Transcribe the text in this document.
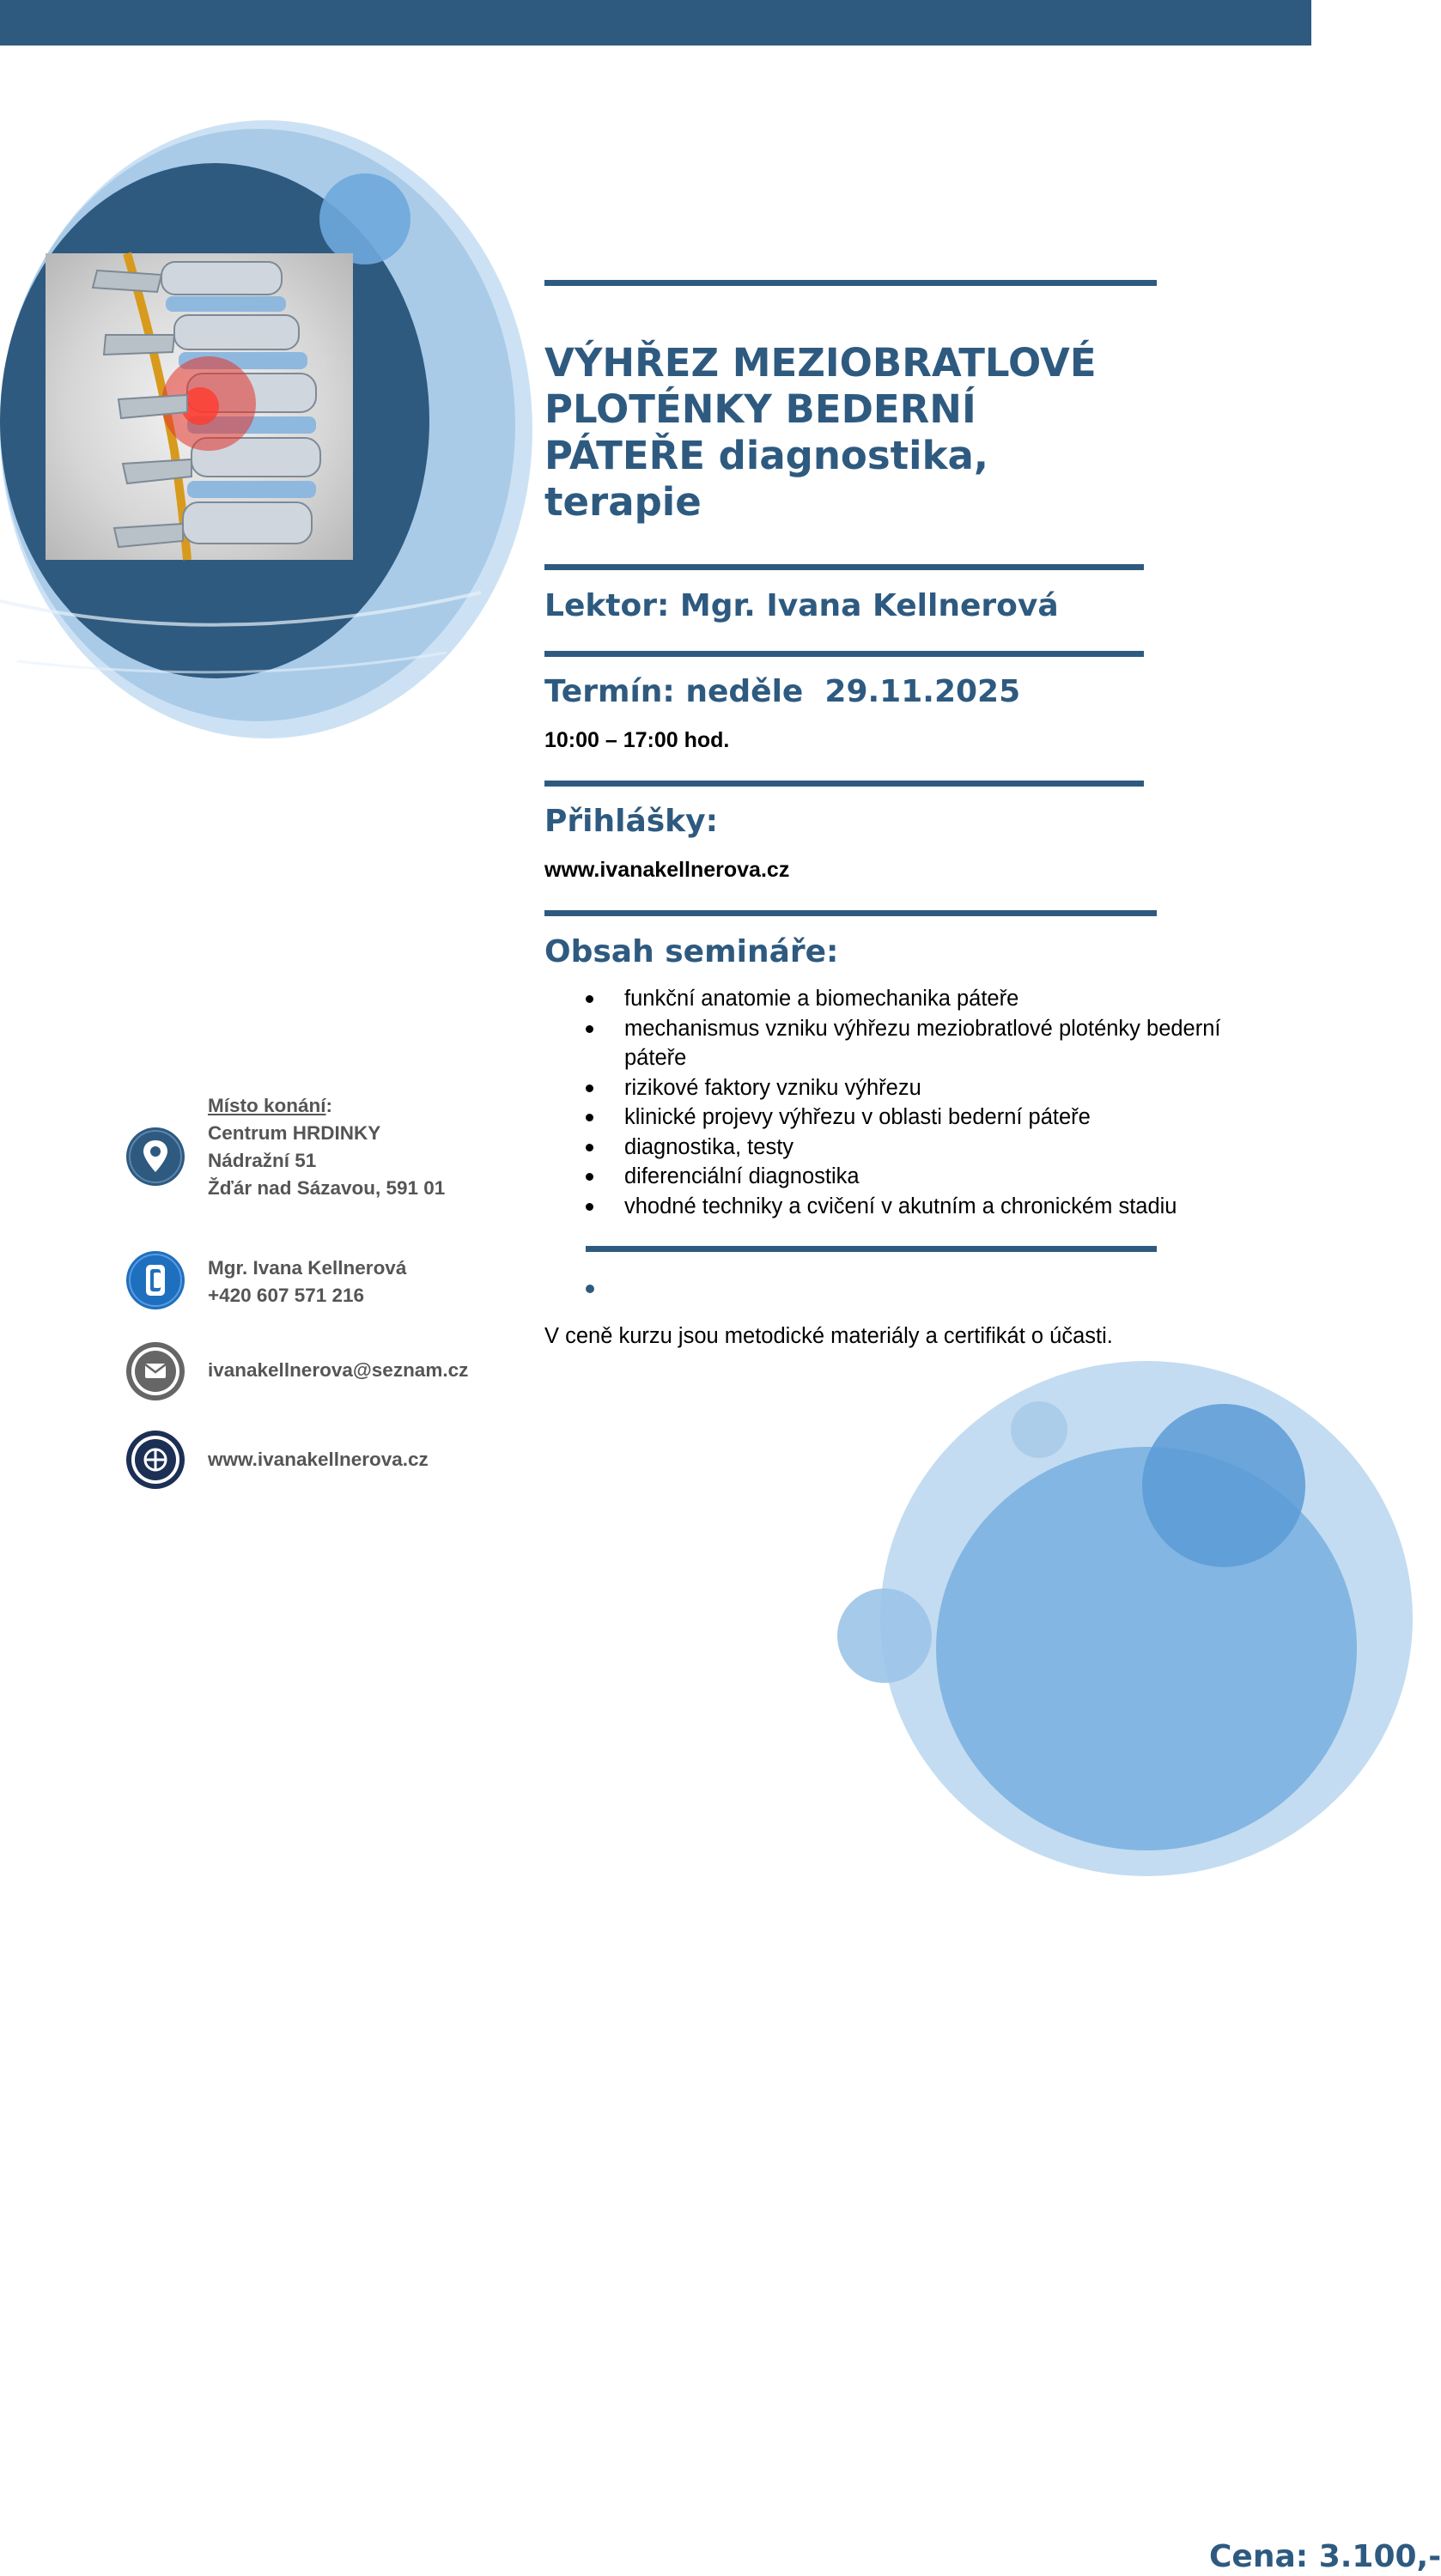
VÝHŘEZ MEZIOBRATLOVÉ
PLOTÉNKY BEDERNÍ
PÁTEŘE diagnostika,
terapie
Lektor: Mgr. Ivana Kellnerová
Termín: neděle  29.11.2025

10:00 – 17:00 hod.

Přihlášky:

www.ivanakellnerova.cz

Obsah semináře:
funkční anatomie a biomechanika páteře
mechanismus vzniku výhřezu meziobratlové ploténky bederní páteře
rizikové faktory vzniku výhřezu
klinické projevy výhřezu v oblasti bederní páteře
diagnostika, testy
diferenciální diagnostika
vhodné techniky a cvičení v akutním a chronickém stadiu
Cena: 3.100,-

V ceně kurzu jsou metodické materiály a certifikát o účasti.

Místo konání:
Centrum HRDINKY
Nádražní 51
Žďár nad Sázavou, 591 01
Mgr. Ivana Kellnerová
+420 607 571 216
ivanakellnerova@seznam.cz
www.ivanakellnerova.cz
